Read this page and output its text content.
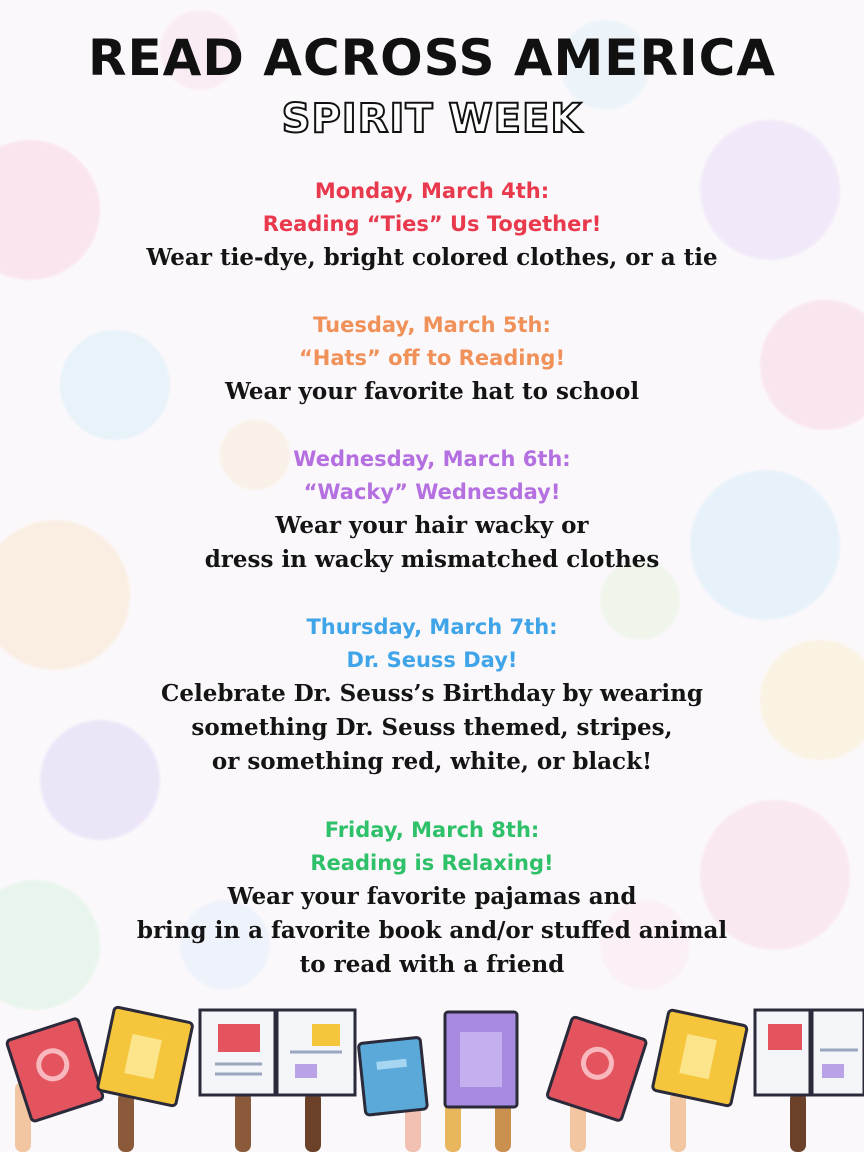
READ ACROSS AMERICA
SPIRIT WEEK
Monday, March 4th:
Reading “Ties” Us Together!
Wear tie-dye, bright colored clothes, or a tie
Tuesday, March 5th:
“Hats” off to Reading!
Wear your favorite hat to school
Wednesday, March 6th:
“Wacky” Wednesday!
Wear your hair wacky or
dress in wacky mismatched clothes
Thursday, March 7th:
Dr. Seuss Day!
Celebrate Dr. Seuss’s Birthday by wearing
something Dr. Seuss themed, stripes,
or something red, white, or black!
Friday, March 8th:
Reading is Relaxing!
Wear your favorite pajamas and
bring in a favorite book and/or stuffed animal
to read with a friend
